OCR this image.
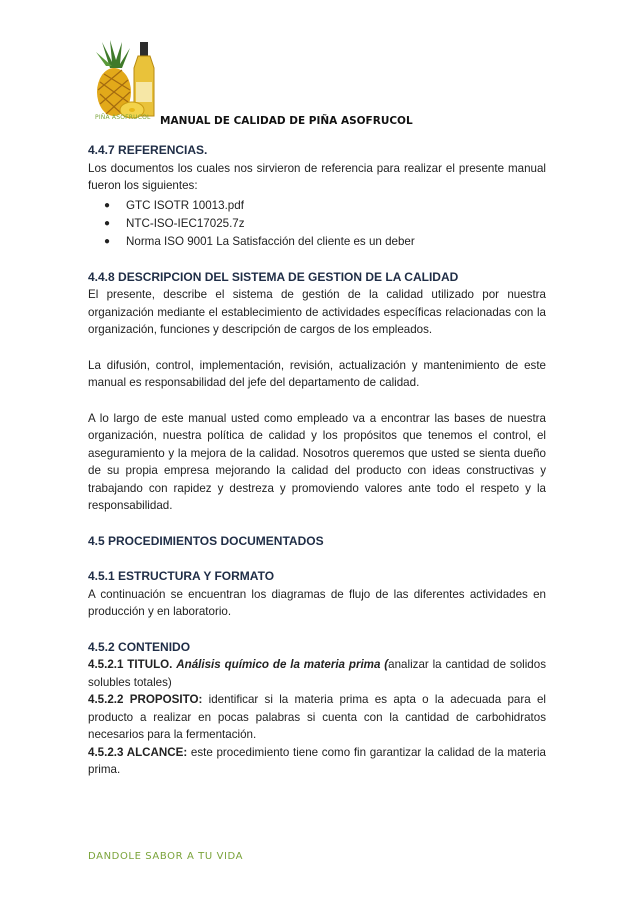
PIÑA ASOFRUCOL MANUAL DE CALIDAD DE PIÑA ASOFRUCOL

4.4.7 REFERENCIAS.

Los documentos los cuales nos sirvieron de referencia para realizar el presente manual fueron los siguientes:

● GTC ISOTR 10013.pdf
● NTC-ISO-IEC17025.7z
● Norma ISO 9001 La Satisfacción del cliente es un deber

4.4.8 DESCRIPCION DEL SISTEMA DE GESTION DE LA CALIDAD

El presente, describe el sistema de gestión de la calidad utilizado por nuestra organización mediante el establecimiento de actividades específicas relacionadas con la organización, funciones y descripción de cargos de los empleados.

La difusión, control, implementación, revisión, actualización y mantenimiento de este manual es responsabilidad del jefe del departamento de calidad.

A lo largo de este manual usted como empleado va a encontrar las bases de nuestra organización, nuestra política de calidad y los propósitos que tenemos el control, el aseguramiento y la mejora de la calidad. Nosotros queremos que usted se sienta dueño de su propia empresa mejorando la calidad del producto con ideas constructivas y trabajando con rapidez y destreza y promoviendo valores ante todo el respeto y la responsabilidad.

4.5 PROCEDIMIENTOS DOCUMENTADOS

4.5.1 ESTRUCTURA Y FORMATO

A continuación se encuentran los diagramas de flujo de las diferentes actividades en producción y en laboratorio.

4.5.2 CONTENIDO

4.5.2.1 TITULO. Análisis químico de la materia prima (analizar la cantidad de solidos solubles totales)

4.5.2.2 PROPOSITO: identificar si la materia prima es apta o la adecuada para el producto a realizar en pocas palabras si cuenta con la cantidad de carbohidratos necesarios para la fermentación.

4.5.2.3 ALCANCE: este procedimiento tiene como fin garantizar la calidad de la materia prima.

DANDOLE SABOR A TU VIDA
